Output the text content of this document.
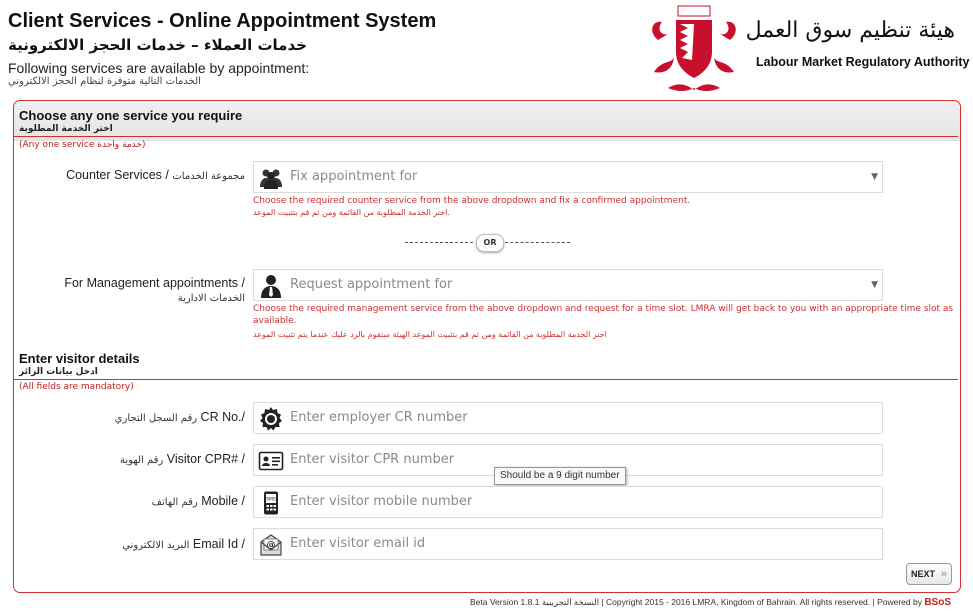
Client Services - Online Appointment System
خدمات العملاء – خدمات الحجز الالكترونية
Following services are available by appointment:
الخدمات التالية متوفرة لنظام الحجز الالكتروني
هيئة تنظيم سوق العمل
Labour Market Regulatory Authority
Choose any one service you require
اختر الخدمة المطلوبة
(Any one service خدمة واحدة)
Counter Services / مجموعة الخدمات	Fix appointment for	▼
Choose the required counter service from the above dropdown and fix a confirmed appointment.
اختر الخدمة المطلوبة من القائمة ومن ثم قم بتثبيت الموعد.
OR
For Management appointments /
الخدمات الادارية
Request appointment for	▼
Choose the required management service from the above dropdown and request for a time slot. LMRA will get back to you with an appropriate time slot as available.
اختر الخدمة المطلوبة من القائمة ومن ثم قم بتثبيت الموعد الهيئة ستقوم بالرد عليك عندما يتم تثبيت الموعد
Enter visitor details
ادخل بيانات الزائر
(All fields are mandatory)
رقم السجل التجاري CR No./
Enter employer CR number
رقم الهوية Visitor CPR# /
Enter visitor CPR number
Should be a 9 digit number
رقم الهاتف Mobile /	SMS
Enter visitor mobile number
البريد الالكتروني Email Id / @
Enter visitor email id
NEXT »
Beta Version 1.8.1 النسخة التجريبية | Copyright 2015 - 2016 LMRA, Kingdom of Bahrain. All rights reserved. | Powered by BSoS
